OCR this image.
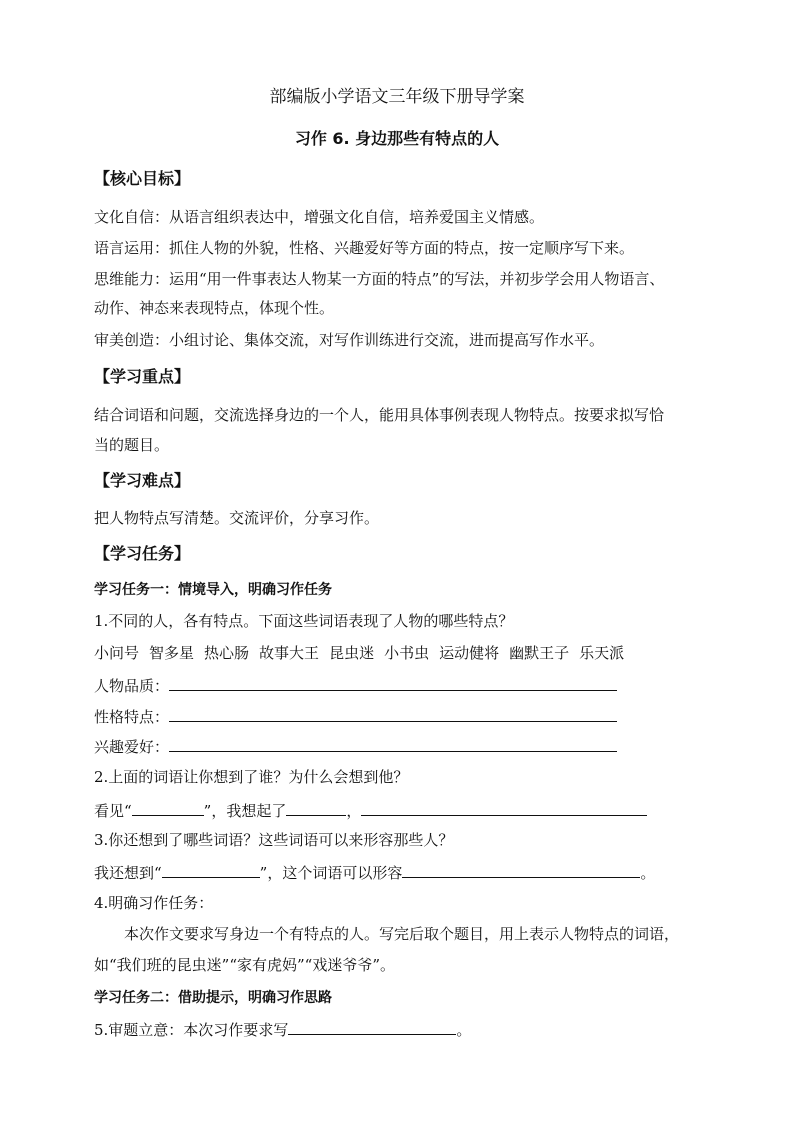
部编版小学语文三年级下册导学案
习作 6. 身边那些有特点的人
【核心目标】
文化自信：从语言组织表达中，增强文化自信，培养爱国主义情感。
语言运用：抓住人物的外貌，性格、兴趣爱好等方面的特点，按一定顺序写下来。
思维能力：运用“用一件事表达人物某一方面的特点”的写法，并初步学会用人物语言、
动作、神态来表现特点，体现个性。
审美创造：小组讨论、集体交流，对写作训练进行交流，进而提高写作水平。
【学习重点】
结合词语和问题，交流选择身边的一个人，能用具体事例表现人物特点。按要求拟写恰
当的题目。
【学习难点】
把人物特点写清楚。交流评价，分享习作。
【学习任务】
学习任务一：情境导入，明确习作任务
1.不同的人，各有特点。下面这些词语表现了人物的哪些特点？
小问号 智多星 热心肠 故事大王 昆虫迷 小书虫 运动健将 幽默王子 乐天派
人物品质：
性格特点：
兴趣爱好：
2.上面的词语让你想到了谁？为什么会想到他？
看见“	”，我想起了	，
3.你还想到了哪些词语？这些词语可以来形容那些人？
我还想到“	”，这个词语可以形容	。
4.明确习作任务：
本次作文要求写身边一个有特点的人。写完后取个题目，用上表示人物特点的词语，
如“我们班的昆虫迷”“家有虎妈”“戏迷爷爷”。
学习任务二：借助提示，明确习作思路
5.审题立意：本次习作要求写	。
